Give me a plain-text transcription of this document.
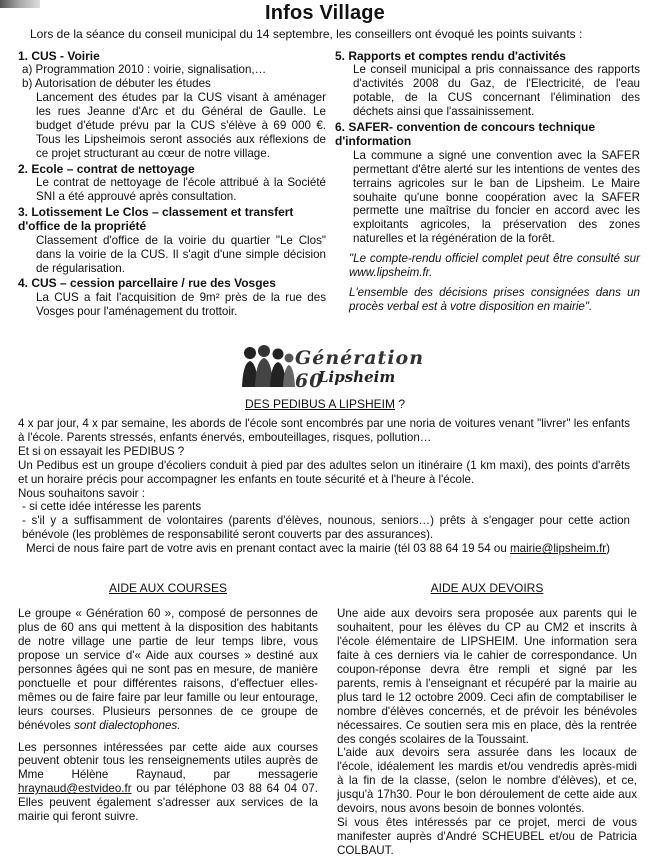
Infos Village
Lors de la séance du conseil municipal du 14 septembre, les conseillers ont évoqué les points suivants :
1. CUS - Voirie
a) Programmation 2010 : voirie, signalisation,…
b) Autorisation de débuter les études
Lancement des études par la CUS visant à aménager les rues Jeanne d'Arc et du Général de Gaulle. Le budget d'étude prévu par la CUS s'élève à 69 000 €. Tous les Lipsheimois seront associés aux réflexions de ce projet structurant au cœur de notre village.
2. Ecole – contrat de nettoyage
Le contrat de nettoyage de l'école attribué à la Société SNI a été approuvé après consultation.
3. Lotissement Le Clos – classement et transfert d'office de la propriété
Classement d'office de la voirie du quartier "Le Clos" dans la voirie de la CUS. Il s'agit d'une simple décision de régularisation.
4. CUS – cession parcellaire / rue des Vosges
La CUS a fait l'acquisition de 9m² près de la rue des Vosges pour l'aménagement du trottoir.
5. Rapports et comptes rendu d'activités
Le conseil municipal a pris connaissance des rapports d'activités 2008 du Gaz, de l'Electricité, de l'eau potable, de la CUS concernant l'élimination des déchets ainsi que l'assainissement.
6. SAFER- convention de concours technique d'information
La commune a signé une convention avec la SAFER permettant d'être alerté sur les intentions de ventes des terrains agricoles sur le ban de Lipsheim. Le Maire souhaite qu'une bonne coopération avec la SAFER permette une maîtrise du foncier en accord avec les exploitants agricoles, la préservation des zones naturelles et la régénération de la forêt.
"Le compte-rendu officiel complet peut être consulté sur www.lipsheim.fr.
L'ensemble des décisions prises consignées dans un procès verbal est à votre disposition en mairie".
Génération 60
Lipsheim
DES PEDIBUS A LIPSHEIM ?

4 x par jour, 4 x par semaine, les abords de l'école sont encombrés par une noria de voitures venant "livrer" les enfants à l'école. Parents stressés, enfants énervés, embouteillages, risques, pollution…

Et si on essayait les PEDIBUS ?

Un Pedibus est un groupe d'écoliers conduit à pied par des adultes selon un itinéraire (1 km maxi), des points d'arrêts et un horaire précis pour accompagner les enfants en toute sécurité et à l'heure à l'école.

Nous souhaitons savoir :

- si cette idée intéresse les parents

- s'il y a suffisamment de volontaires (parents d'élèves, nounous, seniors…) prêts à s'engager pour cette action bénévole (les problèmes de responsabilité seront couverts par des assurances).

Merci de nous faire part de votre avis en prenant contact avec la mairie (tél 03 88 64 19 54 ou mairie@lipsheim.fr)

AIDE AUX COURSES

Le groupe « Génération 60 », composé de personnes de plus de 60 ans qui mettent à la disposition des habitants de notre village une partie de leur temps libre, vous propose un service d'« Aide aux courses » destiné aux personnes âgées qui ne sont pas en mesure, de manière ponctuelle et pour différentes raisons, d'effectuer elles-mêmes ou de faire faire par leur famille ou leur entourage, leurs courses. Plusieurs personnes de ce groupe de bénévoles sont dialectophones.

Les personnes intéressées par cette aide aux courses peuvent obtenir tous les renseignements utiles auprès de Mme Hélène Raynaud, par messagerie hraynaud@estvideo.fr ou par téléphone 03 88 64 04 07. Elles peuvent également s'adresser aux services de la mairie qui feront suivre.

AIDE AUX DEVOIRS

Une aide aux devoirs sera proposée aux parents qui le souhaitent, pour les élèves du CP au CM2 et inscrits à l'école élémentaire de LIPSHEIM. Une information sera faite à ces derniers via le cahier de correspondance. Un coupon-réponse devra être rempli et signé par les parents, remis à l'enseignant et récupéré par la mairie au plus tard le 12 octobre 2009. Ceci afin de comptabiliser le nombre d'élèves concernés, et de prévoir les bénévoles nécessaires. Ce soutien sera mis en place, dès la rentrée des congés scolaires de la Toussaint.

L'aide aux devoirs sera assurée dans les locaux de l'école, idéalement les mardis et/ou vendredis après-midi à la fin de la classe, (selon le nombre d'élèves), et ce, jusqu'à 17h30. Pour le bon déroulement de cette aide aux devoirs, nous avons besoin de bonnes volontés.

Si vous êtes intéressés par ce projet, merci de vous manifester auprès d'André SCHEUBEL et/ou de Patricia COLBAUT.
